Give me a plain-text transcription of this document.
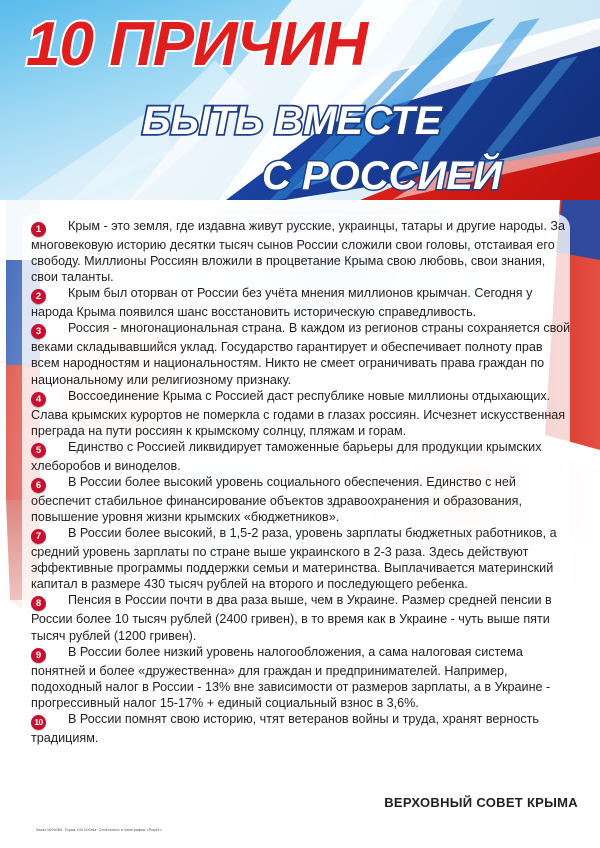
10 ПРИЧИН
БЫТЬ ВМЕСТЕ
С РОССИЕЙ

1 Крым - это земля, где издавна живут русские, украинцы, татары и другие народы. За многовековую историю десятки тысяч сынов России сложили свои головы, отстаивая его свободу. Миллионы Россиян вложили в процветание Крыма свою любовь, свои знания, свои таланты.

2 Крым был оторван от России без учёта мнения миллионов крымчан. Сегодня у народа Крыма появился шанс восстановить историческую справедливость.

3 Россия - многонациональная страна. В каждом из регионов страны сохраняется свой веками складывавшийся уклад. Государство гарантирует и обеспечивает полноту прав всем народностям и национальностям. Никто не смеет ограничивать права граждан по национальному или религиозному признаку.

4 Воссоединение Крыма с Россией даст республике новые миллионы отдыхающих. Слава крымских курортов не померкла с годами в глазах россиян. Исчезнет искусственная преграда на пути россиян к крымскому солнцу, пляжам и горам.

5 Единство с Россией ликвидирует таможенные барьеры для продукции крымских хлеборобов и виноделов.

6 В России более высокий уровень социального обеспечения. Единство с ней обеспечит стабильное финансирование объектов здравоохранения и образования, повышение уровня жизни крымских «бюджетников».

7 В России более высокий, в 1,5-2 раза, уровень зарплаты бюджетных работников, а средний уровень зарплаты по стране выше украинского в 2-3 раза. Здесь действуют эффективные программы поддержки семьи и материнства. Выплачивается материнский капитал в размере 430 тысяч рублей на второго и последующего ребенка.

8 Пенсия в России почти в два раза выше, чем в Украине. Размер средней пенсии в России более 10 тысяч рублей (2400 гривен), в то время как в Украине - чуть выше пяти тысяч рублей (1200 гривен).

9 В России более низкий уровень налогообложения, а сама налоговая система понятней и более «дружественна» для граждан и предпринимателей. Например, подоходный налог в России - 13% вне зависимости от размеров зарплаты, а в Украине - прогрессивный налог 15-17% + единый социальный взнос в 3,6%.

10 В России помнят свою историю, чтят ветеранов войны и труда, хранят верность традициям.

ВЕРХОВНЫЙ СОВЕТ КРЫМА
Заказ №99065. Тираж 100 000экз. Отпечатано в типографии «Пирет».
